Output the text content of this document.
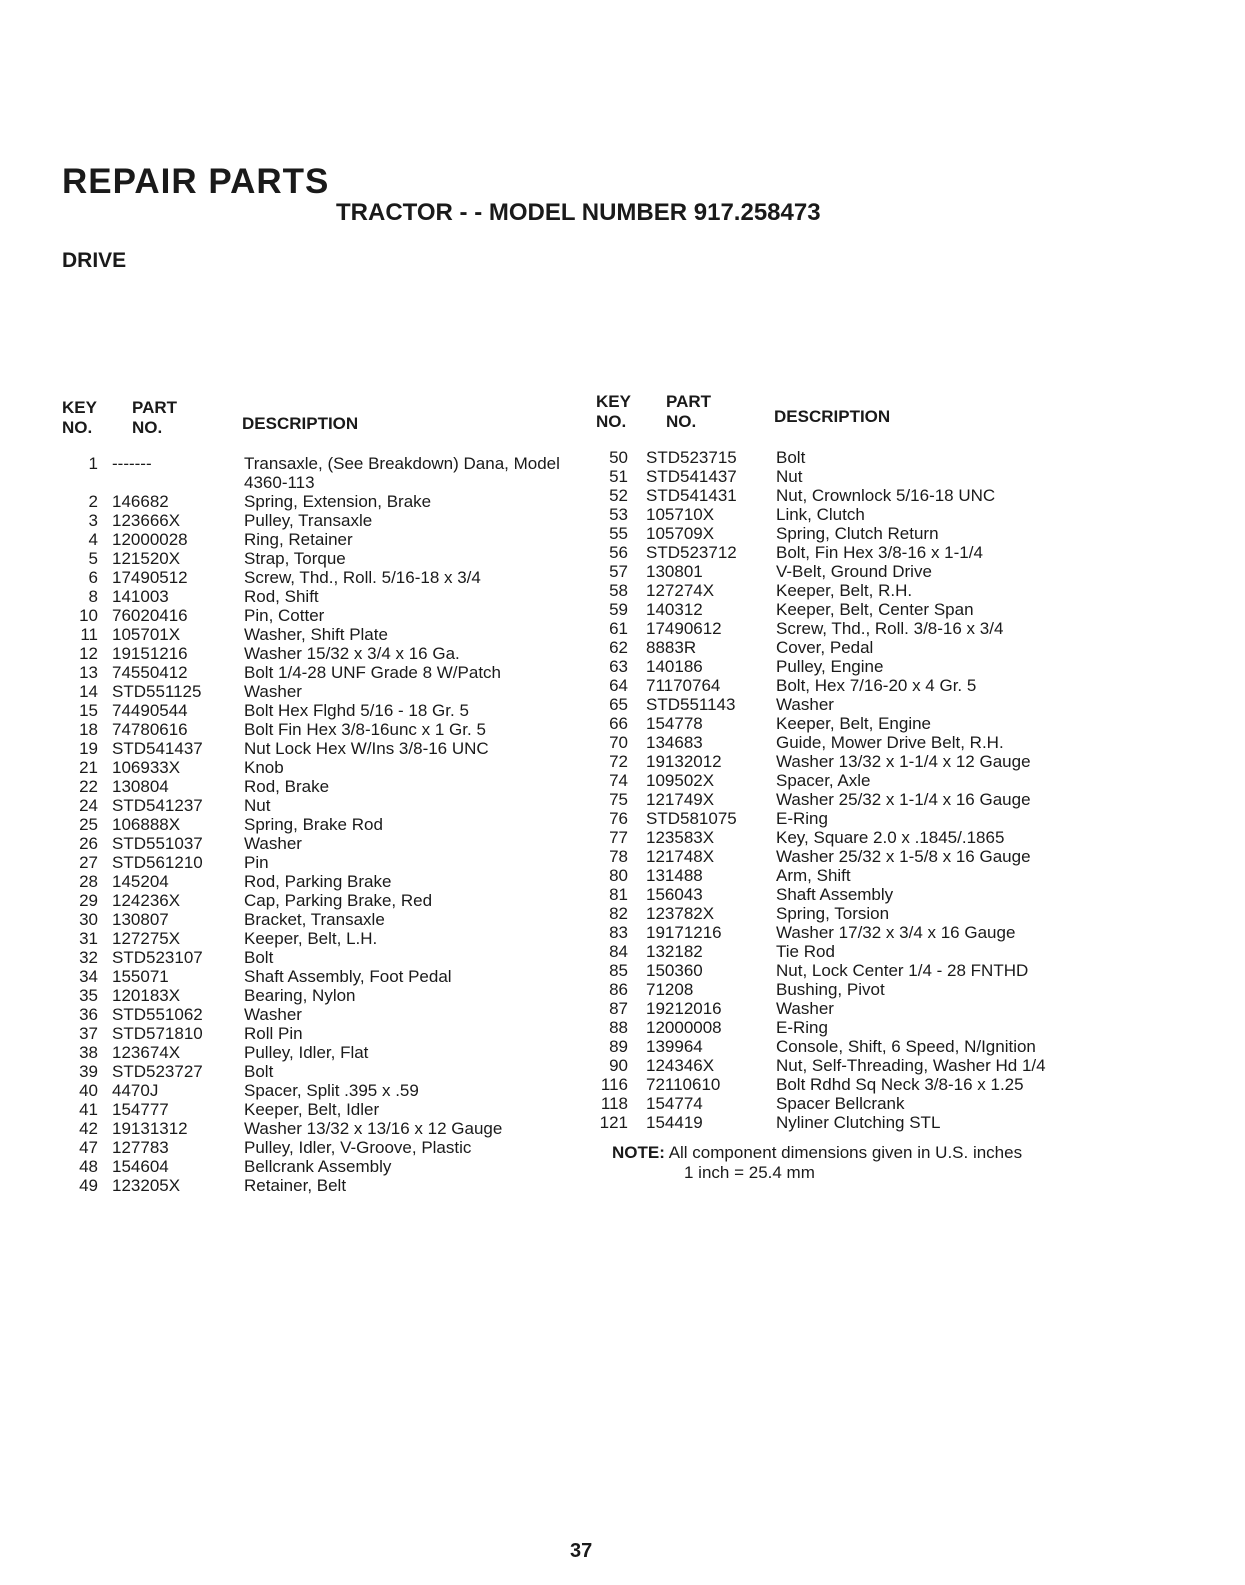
REPAIR PARTS
TRACTOR - - MODEL NUMBER 917.258473
DRIVE
KEY
NO.
PART
NO.	DESCRIPTION
1 -------	Transaxle, (See Breakdown) Dana, Model 4360-113
2 146682	Spring, Extension, Brake
3 123666X	Pulley, Transaxle
4 12000028	Ring, Retainer
5 121520X	Strap, Torque
6 17490512	Screw, Thd., Roll. 5/16-18 x 3/4
8 141003	Rod, Shift
10 76020416	Pin, Cotter
11 105701X	Washer, Shift Plate
12 19151216	Washer 15/32 x 3/4 x 16 Ga.
13 74550412	Bolt 1/4-28 UNF Grade 8 W/Patch
14 STD551125	Washer
15 74490544	Bolt Hex Flghd 5/16 - 18 Gr. 5
18 74780616	Bolt Fin Hex 3/8-16unc x 1 Gr. 5
19 STD541437 Nut Lock Hex W/Ins 3/8-16 UNC
21 106933X	Knob
22 130804	Rod, Brake
24 STD541237 Nut
25 106888X	Spring, Brake Rod
26 STD551037 Washer
27 STD561210 Pin
28 145204	Rod, Parking Brake
29 124236X	Cap, Parking Brake, Red
30 130807	Bracket, Transaxle
31 127275X	Keeper, Belt, L.H.
32 STD523107 Bolt
34 155071	Shaft Assembly, Foot Pedal
35 120183X	Bearing, Nylon
36 STD551062 Washer
37 STD571810 Roll Pin
38 123674X	Pulley, Idler, Flat
39 STD523727 Bolt
40 4470J	Spacer, Split .395 x .59
41 154777	Keeper, Belt, Idler
42 19131312	Washer 13/32 x 13/16 x 12 Gauge
47 127783	Pulley, Idler, V-Groove, Plastic
48 154604	Bellcrank Assembly
49 123205X	Retainer, Belt
KEY
NO.
PART
NO.	DESCRIPTION
50 STD523715 Bolt
51 STD541437 Nut
52 STD541431 Nut, Crownlock 5/16-18 UNC
53 105710X	Link, Clutch
55 105709X	Spring, Clutch Return
56 STD523712 Bolt, Fin Hex 3/8-16 x 1-1/4
57 130801	V-Belt, Ground Drive
58 127274X	Keeper, Belt, R.H.
59 140312	Keeper, Belt, Center Span
61 17490612	Screw, Thd., Roll. 3/8-16 x 3/4
62 8883R	Cover, Pedal
63 140186	Pulley, Engine
64 71170764	Bolt, Hex 7/16-20 x 4 Gr. 5
65 STD551143 Washer
66 154778	Keeper, Belt, Engine
70 134683	Guide, Mower Drive Belt, R.H.
72 19132012	Washer 13/32 x 1-1/4 x 12 Gauge
74 109502X	Spacer, Axle
75 121749X	Washer 25/32 x 1-1/4 x 16 Gauge
76 STD581075 E-Ring
77 123583X	Key, Square 2.0 x .1845/.1865
78 121748X	Washer 25/32 x 1-5/8 x 16 Gauge
80 131488	Arm, Shift
81 156043	Shaft Assembly
82 123782X	Spring, Torsion
83 19171216	Washer 17/32 x 3/4 x 16 Gauge
84 132182	Tie Rod
85 150360	Nut, Lock Center 1/4 - 28 FNTHD
86 71208	Bushing, Pivot
87 19212016	Washer
88 12000008	E-Ring
89 139964	Console, Shift, 6 Speed, N/Ignition
90 124346X	Nut, Self-Threading, Washer Hd 1/4
116 72110610	Bolt Rdhd Sq Neck 3/8-16 x 1.25
118 154774	Spacer Bellcrank
121 154419	Nyliner Clutching STL
NOTE: All component dimensions given in U.S. inches
1 inch = 25.4 mm
37
